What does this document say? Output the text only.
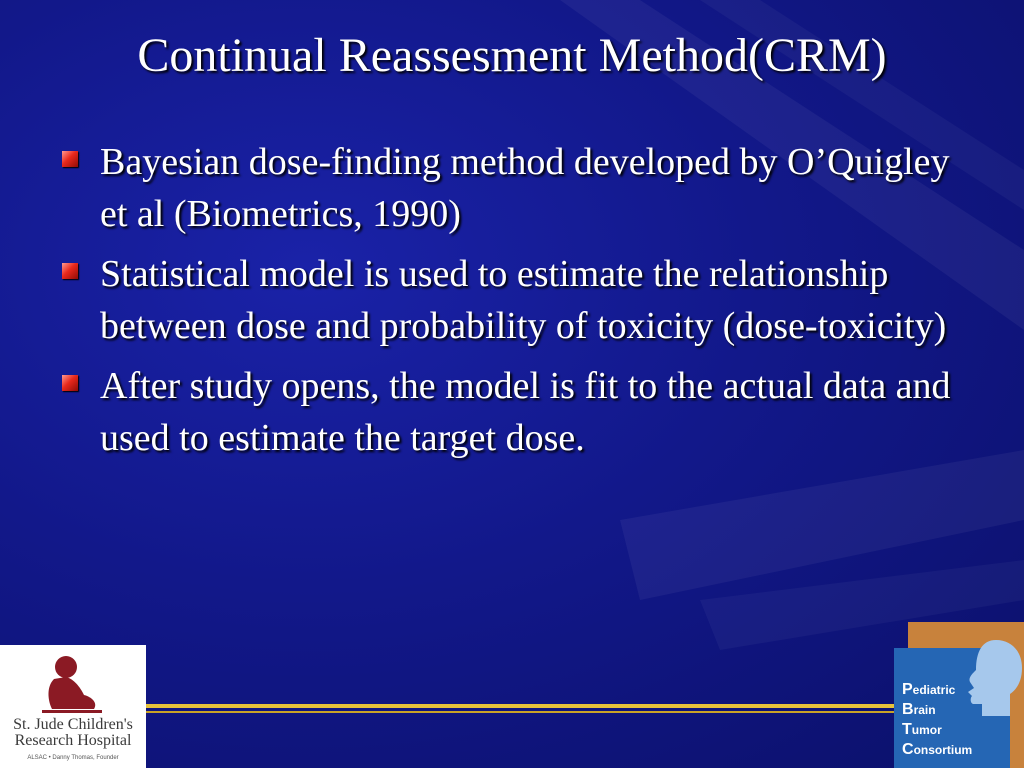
Continual Reassesment Method(CRM)
Bayesian dose-finding method developed by O’Quigley et al (Biometrics, 1990)
Statistical model is used to estimate the relationship between dose and probability of toxicity (dose-toxicity)
After study opens, the model is fit to the actual data and used to estimate the target dose.
St. Jude Children's
Research Hospital
ALSAC • Danny Thomas, Founder
Pediatric
Brain
Tumor
Consortium
